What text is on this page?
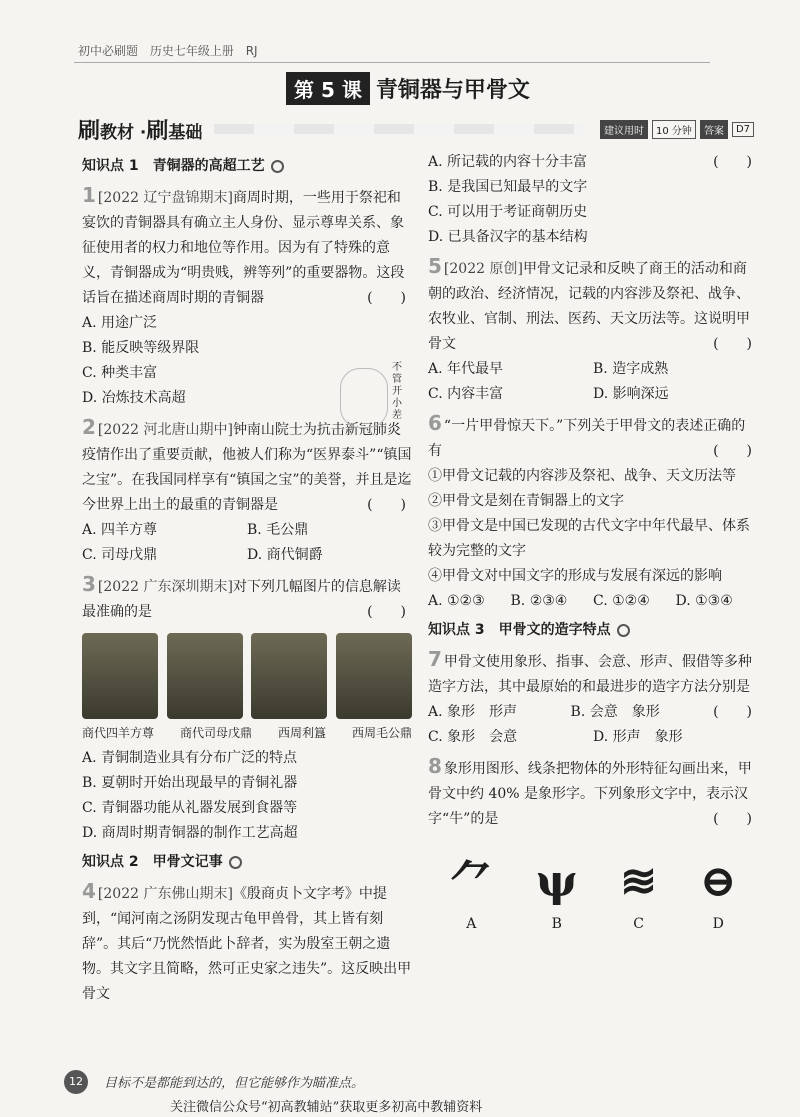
初中必刷题 历史七年级上册 RJ
第 5 课 青铜器与甲骨文
刷教材 ·刷基础	建议用时	10 分钟	答案	D7
知识点 1　青铜器的高超工艺
1 [2022 辽宁盘锦期末]商周时期，一些用于祭祀和宴饮的青铜器具有确立主人身份、显示尊卑关系、象征使用者的权力和地位等作用。因为有了特殊的意义，青铜器成为“明贵贱，辨等列”的重要器物。这段话旨在描述商周时期的青铜器	(　　)
A. 用途广泛
B. 能反映等级界限
C. 种类丰富
D. 冶炼技术高超
2 [2022 河北唐山期中]钟南山院士为抗击新冠肺炎疫情作出了重要贡献，他被人们称为“医界泰斗”“镇国之宝”。在我国同样享有“镇国之宝”的美誉，并且是迄今世界上出土的最重的青铜器是	(　　)
A. 四羊方尊	B. 毛公鼎
C. 司母戊鼎	D. 商代铜爵
3 [2022 广东深圳期末]对下列几幅图片的信息解读最准确的是	(　　)
商代四羊方尊 商代司母戊鼎 西周利簋 西周毛公鼎
A. 青铜制造业具有分布广泛的特点
B. 夏朝时开始出现最早的青铜礼器
C. 青铜器功能从礼器发展到食器等
D. 商周时期青铜器的制作工艺高超
知识点 2　甲骨文记事
4 [2022 广东佛山期末]《殷商贞卜文字考》中提到，“闻河南之汤阴发现古龟甲兽骨，其上皆有刻辞”。其后“乃恍然悟此卜辞者，实为殷室王朝之遗物。其文字且简略，然可正史家之违失”。这反映出甲骨文
不管开小差
(　　)
A. 所记载的内容十分丰富
B. 是我国已知最早的文字
C. 可以用于考证商朝历史
D. 已具备汉字的基本结构
5 [2022 原创]甲骨文记录和反映了商王的活动和商朝的政治、经济情况，记载的内容涉及祭祀、战争、农牧业、官制、刑法、医药、天文历法等。这说明甲骨文	(　　)
A. 年代最早	B. 造字成熟
C. 内容丰富	D. 影响深远
6 “一片甲骨惊天下。”下列关于甲骨文的表述正确的有	(　　)
①甲骨文记载的内容涉及祭祀、战争、天文历法等
②甲骨文是刻在青铜器上的文字
③甲骨文是中国已发现的古代文字中年代最早、体系较为完整的文字
④甲骨文对中国文字的形成与发展有深远的影响
A. ①②③	B. ②③④	C. ①②④	D. ①③④
知识点 3　甲骨文的造字特点
7 甲骨文使用象形、指事、会意、形声、假借等多种造字方法，其中最原始的和最进步的造字方法分别是
(　　)
A. 象形　形声	B. 会意　象形
C. 象形　会意	D. 形声　象形
8 象形用图形、线条把物体的外形特征勾画出来，甲骨文中约 40% 是象形字。下列象形文字中，表示汉字“牛”的是	(　　)
⺈
A
ψ
B
≋
C
⊖
D
12	目标不是都能到达的，但它能够作为瞄准点。
关注微信公众号“初高教辅站”获取更多初高中教辅资料
